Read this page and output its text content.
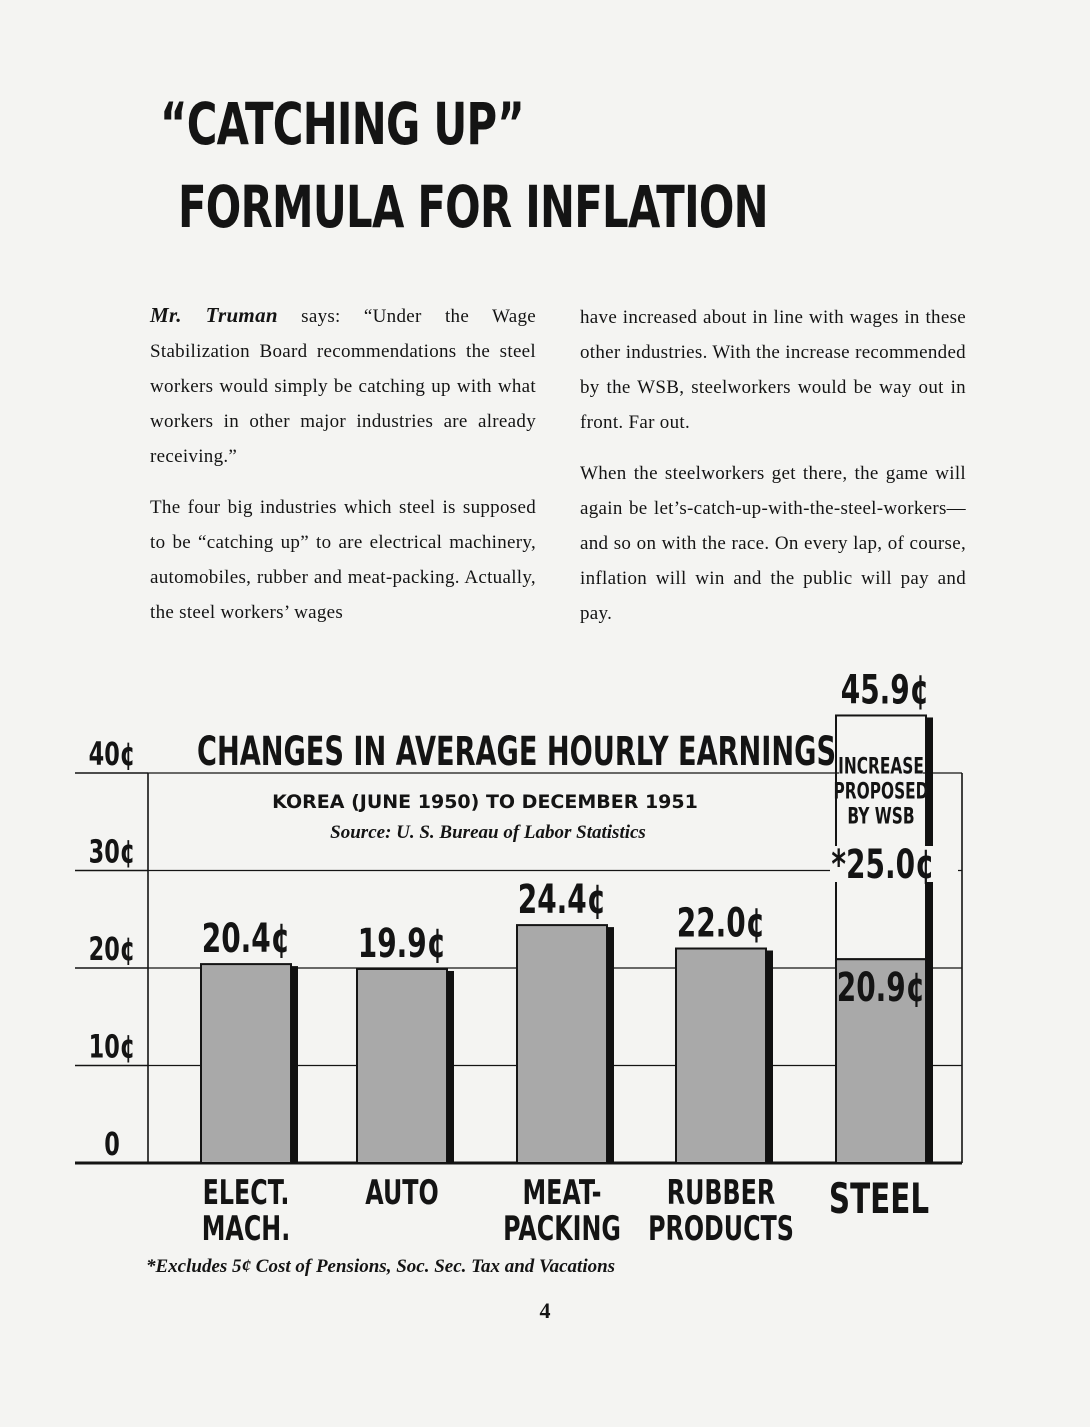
“CATCHING UP”
FORMULA FOR INFLATION

Mr. Truman says: “Under the Wage Stabilization Board recommendations the steel workers would simply be catching up with what workers in other major industries are already receiving.”

The four big industries which steel is supposed to be “catching up” to are electrical machinery, automobiles, rubber and meat-packing. Actually, the steel workers’ wages

have increased about in line with wages in these other industries. With the increase recommended by the WSB, steelworkers would be way out in front. Far out.

When the steelworkers get there, the game will again be let’s-catch-up-with-the-steel-workers—and so on with the race. On every lap, of course, inflation will win and the public will pay and pay.

0
10¢
20¢
30¢
40¢
20.4¢ 19.9¢
24.4¢
22.0¢
INCREASE
PROPOSED
BY WSB
*25.0¢
20.9¢
45.9¢
ELECT.
MACH.
AUTO MEAT-
PACKING
RUBBER
PRODUCTS
STEEL
CHANGES IN AVERAGE HOURLY EARNINGS
KOREA (JUNE 1950) TO DECEMBER 1951
Source: U. S. Bureau of Labor Statistics
*Excludes 5¢ Cost of Pensions, Soc. Sec. Tax and Vacations
4
